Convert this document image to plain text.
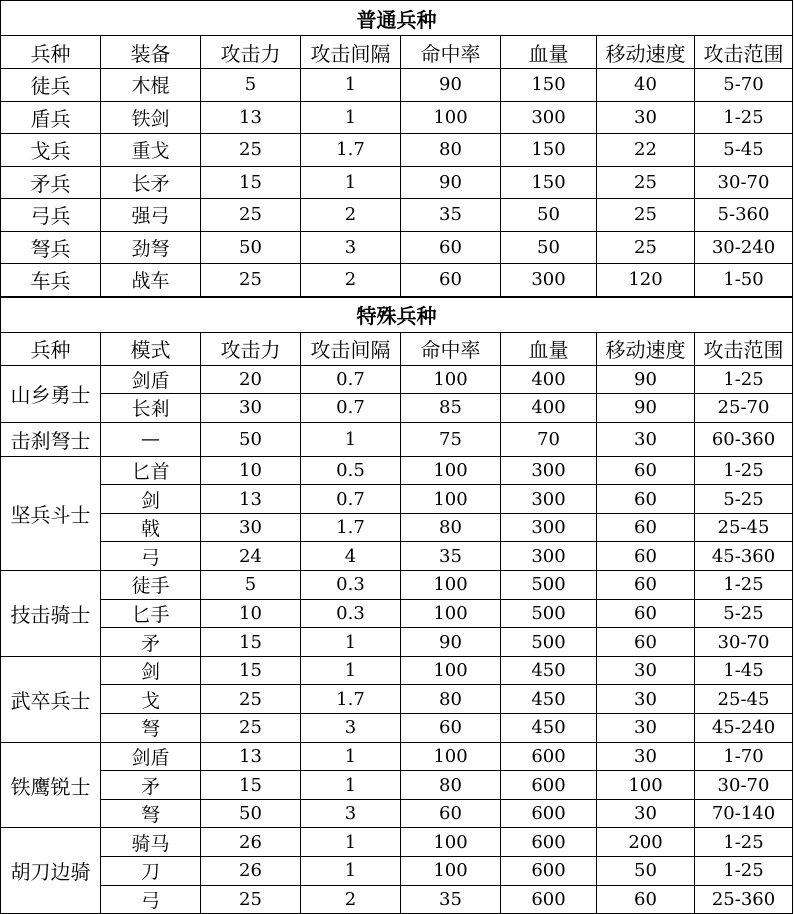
普通兵种							
兵种	装备	攻击力	攻击间隔	命中率	血量	移动速度	攻击范围
徒兵	木棍	5	1	90	150	40	5-70
盾兵	铁剑	13	1	100	300	30	1-25
戈兵	重戈	25	1.7	80	150	22	5-45
矛兵	长矛	15	1	90	150	25	30-70
弓兵	强弓	25	2	35	50	25	5-360
弩兵	劲弩	50	3	60	50	25	30-240
车兵	战车	25	2	60	300	120	1-50
特殊兵种							
兵种	模式	攻击力	攻击间隔	命中率	血量	移动速度	攻击范围
山乡勇士	剑盾	20	0.7	100	400	90	1-25
	长剎	30	0.7	85	400	90	25-70
击刹弩士	—	50	1	75	70	30	60-360
坚兵斗士	匕首	10	0.5	100	300	60	1-25
	剑	13	0.7	100	300	60	5-25
	戟	30	1.7	80	300	60	25-45
	弓	24	4	35	300	60	45-360
技击骑士	徒手	5	0.3	100	500	60	1-25
	匕手	10	0.3	100	500	60	5-25
	矛	15	1	90	500	60	30-70
武卒兵士	剑	15	1	100	450	30	1-45
	戈	25	1.7	80	450	30	25-45
	弩	25	3	60	450	30	45-240
铁鹰锐士	剑盾	13	1	100	600	30	1-70
	矛	15	1	80	600	100	30-70
	弩	50	3	60	600	30	70-140
胡刀边骑	骑马	26	1	100	600	200	1-25
	刀	26	1	100	600	50	1-25
	弓	25	2	35	600	60	25-360
